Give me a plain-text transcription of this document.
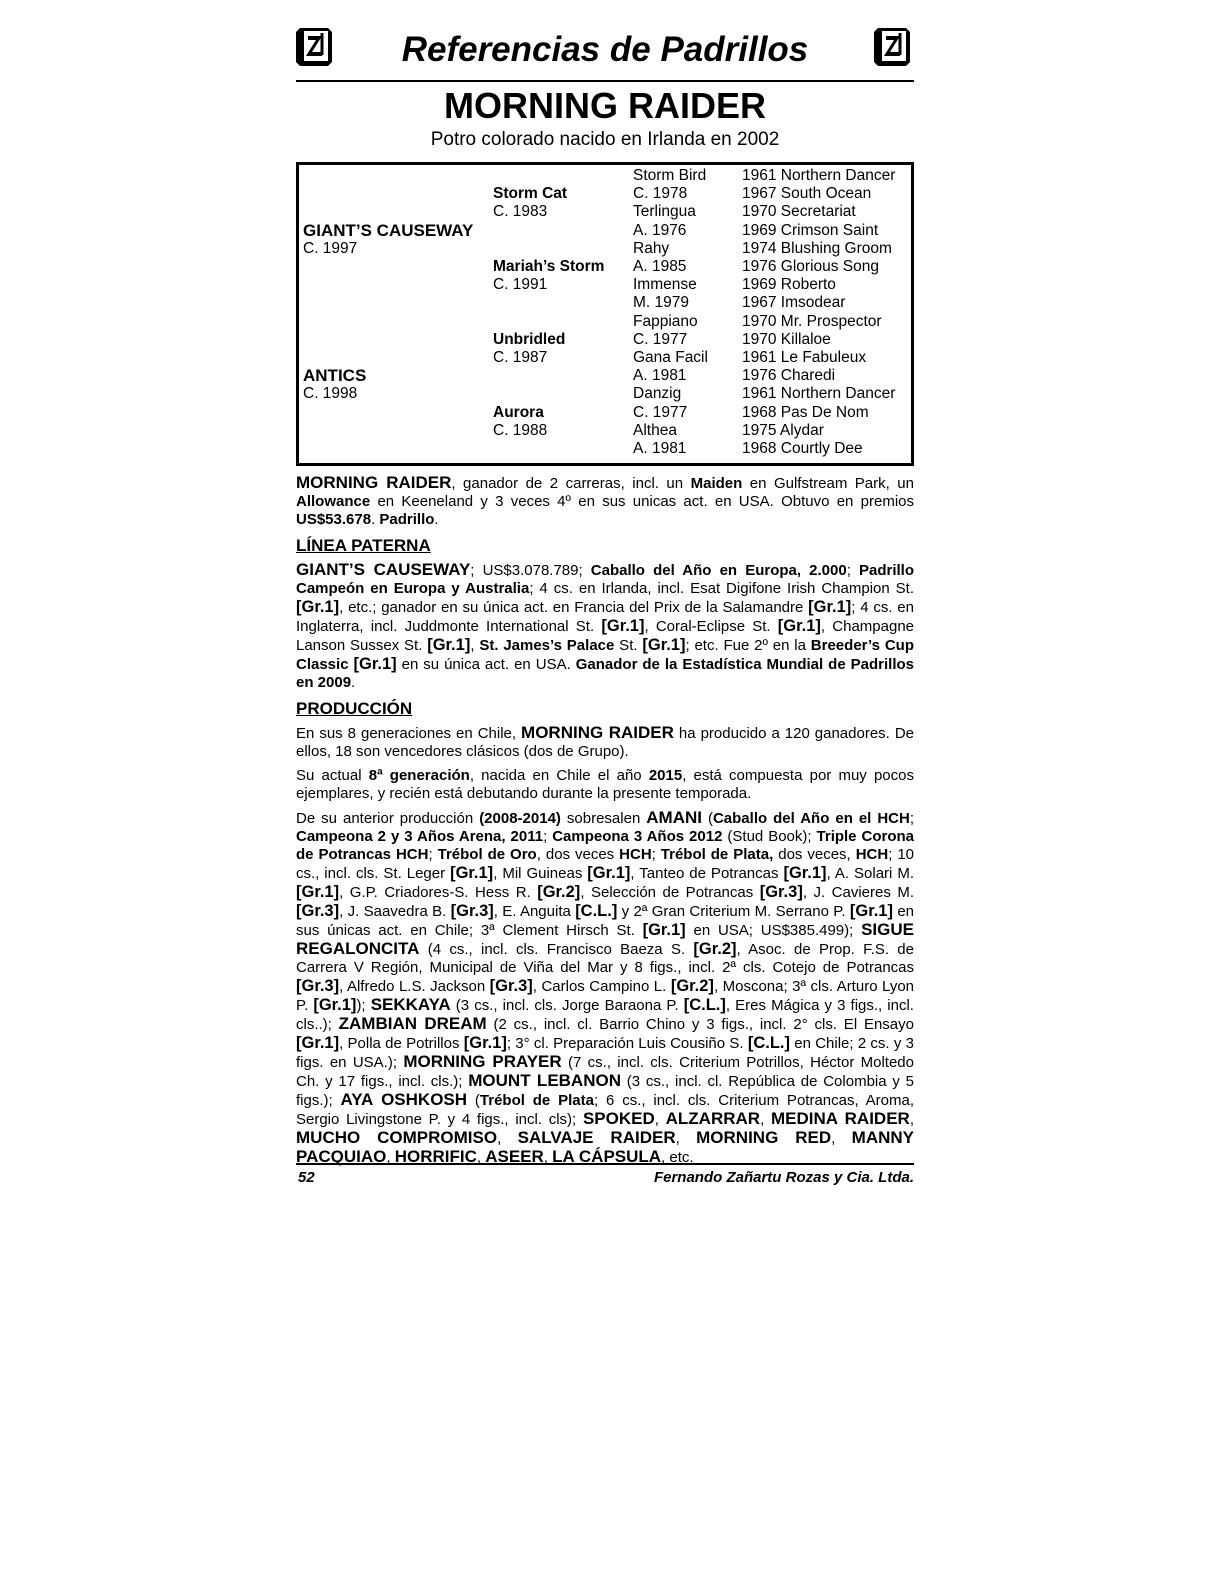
Referencias de Padrillos
MORNING RAIDER
Potro colorado nacido en Irlanda en 2002
GIANT’S CAUSEWAY
C. 1997
ANTICS
C. 1998
Storm Cat
C. 1983
Mariah’s Storm
C. 1991
Unbridled
C. 1987
Aurora
C. 1988
Storm Bird
C. 1978
Terlingua
A. 1976
Rahy
A. 1985
Immense
M. 1979
Fappiano
C. 1977
Gana Facil
A. 1981
Danzig
C. 1977
Althea
A. 1981
1961 Northern Dancer
1967 South Ocean
1970 Secretariat
1969 Crimson Saint
1974 Blushing Groom
1976 Glorious Song
1969 Roberto
1967 Imsodear
1970 Mr. Prospector
1970 Killaloe
1961 Le Fabuleux
1976 Charedi
1961 Northern Dancer
1968 Pas De Nom
1975 Alydar
1968 Courtly Dee

MORNING RAIDER, ganador de 2 carreras, incl. un Maiden en Gulfstream Park, un Allowance en Keeneland y 3 veces 4º en sus unicas act. en USA. Obtuvo en premios US$53.678. Padrillo.

LÍNEA PATERNA

GIANT’S CAUSEWAY; US$3.078.789; Caballo del Año en Europa, 2.000; Padrillo Campeón en Europa y Australia; 4 cs. en Irlanda, incl. Esat Digifone Irish Champion St. [Gr.1], etc.; ganador en su única act. en Francia del Prix de la Salamandre [Gr.1]; 4 cs. en Inglaterra, incl. Juddmonte International St. [Gr.1], Coral-Eclipse St. [Gr.1], Champagne Lanson Sussex St. [Gr.1], St. James’s Palace St. [Gr.1]; etc. Fue 2º en la Breeder’s Cup Classic [Gr.1] en su única act. en USA. Ganador de la Estadística Mundial de Padrillos en 2009.

PRODUCCIÓN

En sus 8 generaciones en Chile, MORNING RAIDER ha producido a 120 ganadores. De ellos, 18 son vencedores clásicos (dos de Grupo).

Su actual 8ª generación, nacida en Chile el año 2015, está compuesta por muy pocos ejemplares, y recién está debutando durante la presente temporada.

De su anterior producción (2008-2014) sobresalen AMANI (Caballo del Año en el HCH; Campeona 2 y 3 Años Arena, 2011; Campeona 3 Años 2012 (Stud Book); Triple Corona de Potrancas HCH; Trébol de Oro, dos veces HCH; Trébol de Plata, dos veces, HCH; 10 cs., incl. cls. St. Leger [Gr.1], Mil Guineas [Gr.1], Tanteo de Potrancas [Gr.1], A. Solari M. [Gr.1], G.P. Criadores-S. Hess R. [Gr.2], Selección de Potrancas [Gr.3], J. Cavieres M. [Gr.3], J. Saavedra B. [Gr.3], E. Anguita [C.L.] y 2ª Gran Criterium M. Serrano P. [Gr.1] en sus únicas act. en Chile; 3ª Clement Hirsch St. [Gr.1] en USA; US$385.499); SIGUE REGALONCITA (4 cs., incl. cls. Francisco Baeza S. [Gr.2], Asoc. de Prop. F.S. de Carrera V Región, Municipal de Viña del Mar y 8 figs., incl. 2ª cls. Cotejo de Potrancas [Gr.3], Alfredo L.S. Jackson [Gr.3], Carlos Campino L. [Gr.2], Moscona; 3ª cls. Arturo Lyon P. [Gr.1]); SEKKAYA (3 cs., incl. cls. Jorge Baraona P. [C.L.], Eres Mágica y 3 figs., incl. cls..); ZAMBIAN DREAM (2 cs., incl. cl. Barrio Chino y 3 figs., incl. 2° cls. El Ensayo [Gr.1], Polla de Potrillos [Gr.1]; 3° cl. Preparación Luis Cousiño S. [C.L.] en Chile; 2 cs. y 3 figs. en USA.); MORNING PRAYER (7 cs., incl. cls. Criterium Potrillos, Héctor Moltedo Ch. y 17 figs., incl. cls.); MOUNT LEBANON (3 cs., incl. cl. República de Colombia y 5 figs.); AYA OSHKOSH (Trébol de Plata; 6 cs., incl. cls. Criterium Potrancas, Aroma, Sergio Livingstone P. y 4 figs., incl. cls); SPOKED, ALZARRAR, MEDINA RAIDER, MUCHO COMPROMISO, SALVAJE RAIDER, MORNING RED, MANNY PACQUIAO, HORRIFIC, ASEER, LA CÁPSULA, etc.

52	Fernando Zañartu Rozas y Cia. Ltda.
